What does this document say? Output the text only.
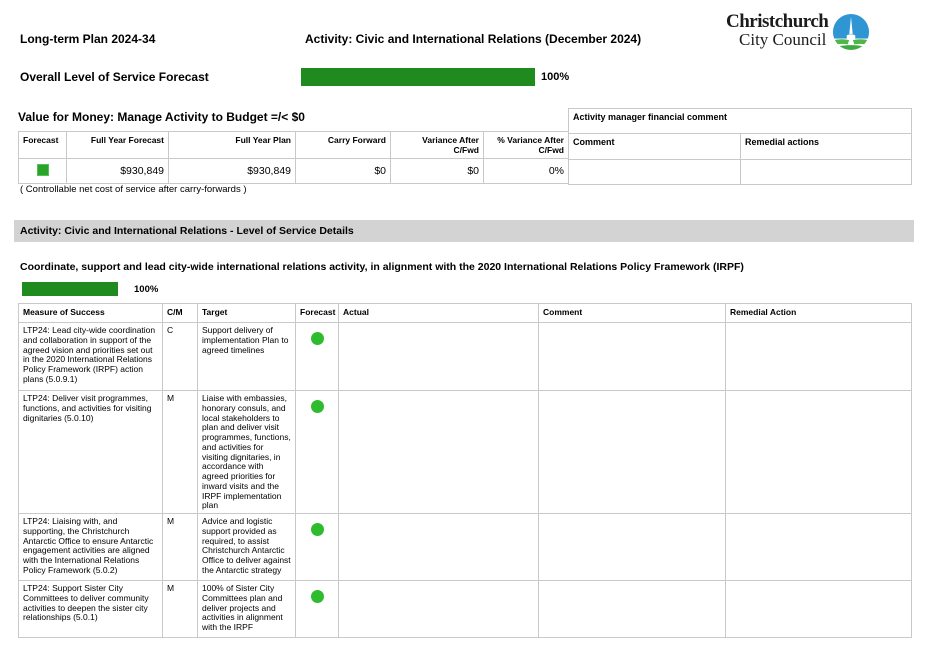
Long-term Plan 2024-34	Activity: Civic and International Relations (December 2024)
Christchurch
City Council
Overall Level of Service Forecast	100%
Value for Money: Manage Activity to Budget =/< $0
Forecast	Full Year Forecast	Full Year Plan	Carry Forward	Variance After C/Fwd	% Variance After C/Fwd
	$930,849	$930,849	$0	$0	0%
( Controllable net cost of service after carry-forwards )
Activity manager financial comment	
Comment	Remedial actions

Activity: Civic and International Relations - Level of Service Details
Coordinate, support and lead city-wide international relations activity, in alignment with the 2020 International Relations Policy Framework (IRPF)
100%
Measure of Success	C/M	Target	Forecast	Actual	Comment	Remedial Action
LTP24: Lead city-wide coordination and collaboration in support of the agreed vision and priorities set out in the 2020 International Relations Policy Framework (IRPF) action plans (5.0.9.1)	C	Support delivery of implementation Plan to agreed timelines				
LTP24: Deliver visit programmes, functions, and activities for visiting dignitaries (5.0.10)	M	Liaise with embassies, honorary consuls, and local stakeholders to plan and deliver visit programmes, functions, and activities for visiting dignitaries, in accordance with agreed priorities for inward visits and the IRPF implementation plan				
LTP24: Liaising with, and supporting, the Christchurch Antarctic Office to ensure Antarctic engagement activities are aligned with the International Relations Policy Framework (5.0.2)	M	Advice and logistic support provided as required, to assist Christchurch Antarctic Office to deliver against the Antarctic strategy				
LTP24: Support Sister City Committees to deliver community activities to deepen the sister city relationships (5.0.1)	M	100% of Sister City Committees plan and deliver projects and activities in alignment with the IRPF				
